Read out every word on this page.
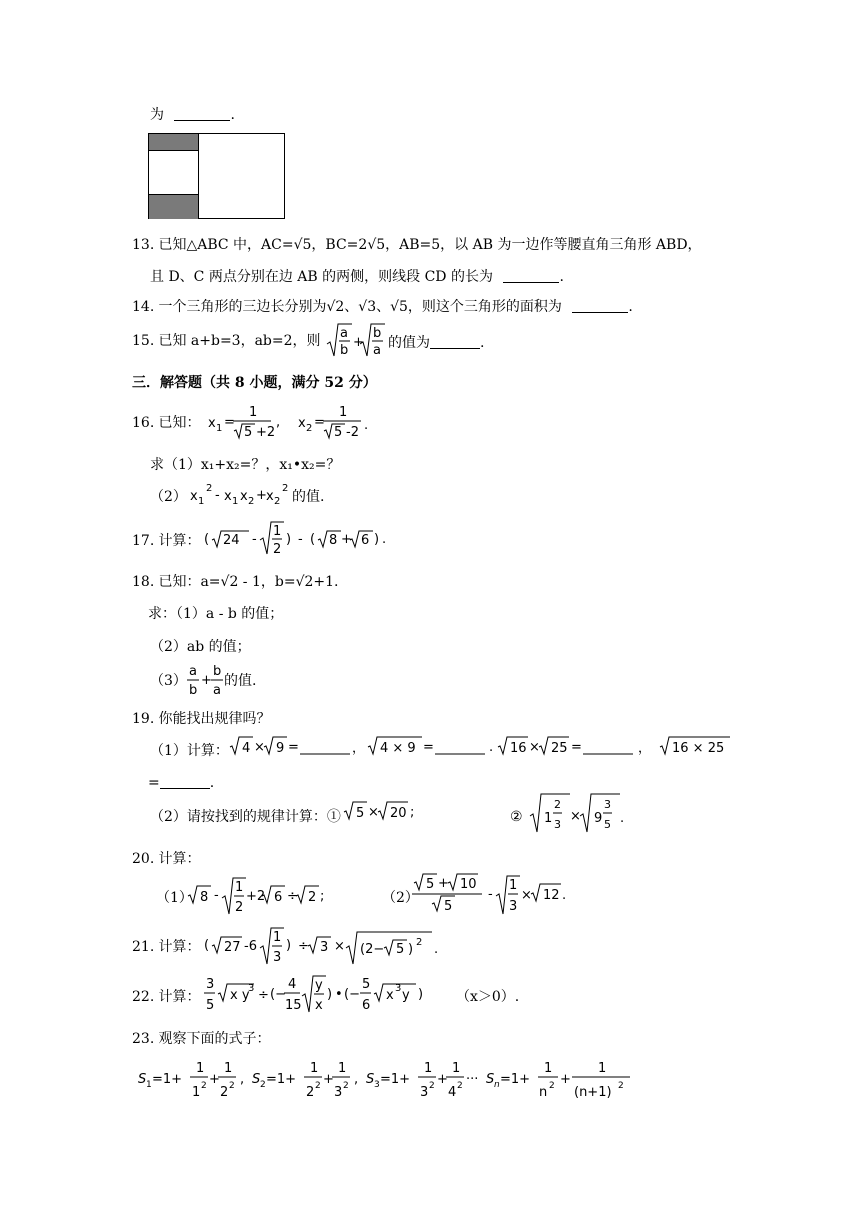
为	.
13. 已知△ABC 中，AC=√5，BC=2√5，AB=5，以 AB 为一边作等腰直角三角形 ABD，
且 D、C 两点分别在边 AB 的两侧，则线段 CD 的长为	.
14. 一个三角形的三边长分别为√2、√3、√5，则这个三角形的面积为	.
15. 已知 a+b=3，ab=2，则 a
b
+
b
a 的值为	.
三．解答题（共 8 小题，满分 52 分）
16. 已知： x 1 =
1
5 +2
, x 2 =
1
5 -2 .
求（1）x₁+x₂=？，x₁•x₂=？
（2） x 1
2 - x 1 x 2 + x 2
2
的值.
17. 计算： ( 24 -
1
2
) - ( 8 + 6 ) .
18. 已知：a=√2 - 1，b=√2+1.
求：（1）a - b 的值；
（2）ab 的值；
（3）
a
b
+
b
a
的值.
19. 你能找出规律吗？
（1）计算： 4 × 9 =	， 4 × 9 =	. 16 × 25 =	， 16 × 25
=	.
（2）请按找到的规律计算：① 5 × 20 ;	② 1
2
3
× 9
3
5 .
20. 计算：
（1） 8 -
1
2
+2 6 ÷ 2 ;	（2）
5 + 10
5
-
1
3
× 12 .
21. 计算： ( 27 -6
1
3
) ÷ 3 × (2− 5 ) 2 .
22. 计算：
3
5
x y
3 ÷ (−
4
15
y
x
) • (−
5
6
x 3 y ) （x＞0）.
23. 观察下面的式子：
S 1 =1+
1
1 2 +
1
2 2 , S 2 =1+
1
2 2 +
1
3 2 , S 3 =1+
1
3 2 +
1
4 2 ··· S n =1+
1
n 2 +
1
(n+1) 2
